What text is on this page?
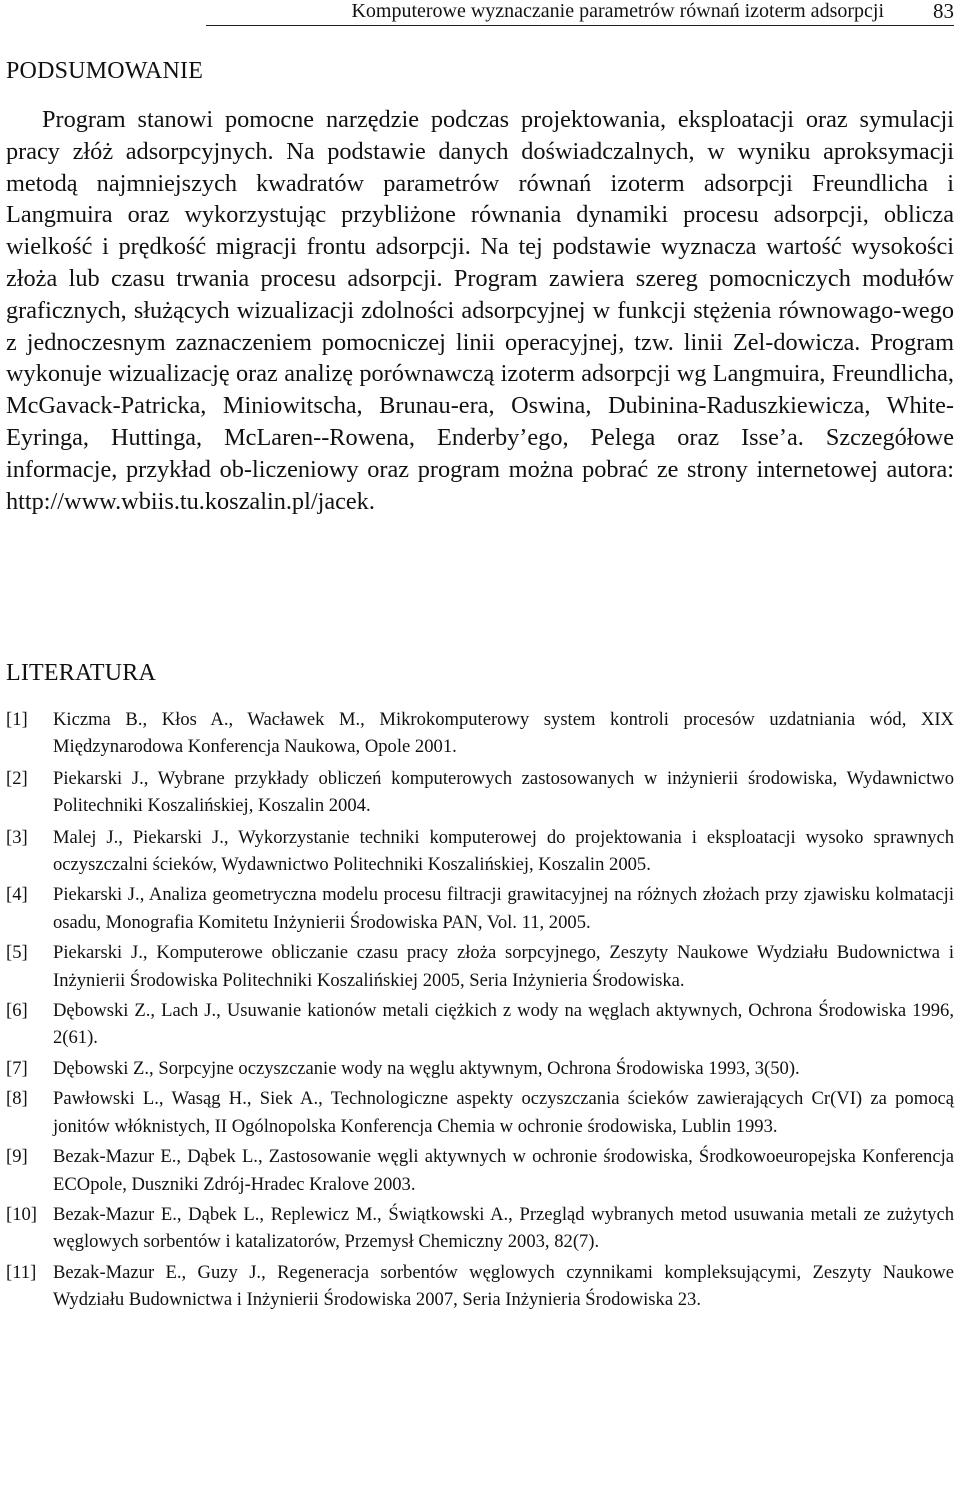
Komputerowe wyznaczanie parametrów równań izoterm adsorpcji 83
PODSUMOWANIE

Program stanowi pomocne narzędzie podczas projektowania, eksploatacji oraz symulacji pracy złóż adsorpcyjnych. Na podstawie danych doświadczalnych, w wyniku aproksymacji metodą najmniejszych kwadratów parametrów równań izoterm adsorpcji Freundlicha i Langmuira oraz wykorzystując przybliżone równania dynamiki procesu adsorpcji, oblicza wielkość i prędkość migracji frontu adsorpcji. Na tej podstawie wyznacza wartość wysokości złoża lub czasu trwania procesu adsorpcji. Program zawiera szereg pomocniczych modułów graficznych, służących wizualizacji zdolności adsorpcyjnej w funkcji stężenia równowago-wego z jednoczesnym zaznaczeniem pomocniczej linii operacyjnej, tzw. linii Zel-dowicza. Program wykonuje wizualizację oraz analizę porównawczą izoterm adsorpcji wg Langmuira, Freundlicha, McGavack-Patricka, Miniowitscha, Brunau-era, Oswina, Dubinina-Raduszkiewicza, White-Eyringa, Huttinga, McLaren-‑Rowena, Enderby’ego, Pelega oraz Isse’a. Szczegółowe informacje, przykład ob-liczeniowy oraz program można pobrać ze strony internetowej autora: http://www.wbiis.tu.koszalin.pl/jacek.

LITERATURA
[1] Kiczma B., Kłos A., Wacławek M., Mikrokomputerowy system kontroli procesów uzdatniania wód, XIX Międzynarodowa Konferencja Naukowa, Opole 2001.
[2] Piekarski J., Wybrane przykłady obliczeń komputerowych zastosowanych w inżynierii środowiska, Wydawnictwo Politechniki Koszalińskiej, Koszalin 2004.
[3] Malej J., Piekarski J., Wykorzystanie techniki komputerowej do projektowania i eksploatacji wysoko sprawnych oczyszczalni ścieków, Wydawnictwo Politechniki Koszalińskiej, Koszalin 2005.
[4] Piekarski J., Analiza geometryczna modelu procesu filtracji grawitacyjnej na różnych złożach przy zjawisku kolmatacji osadu, Monografia Komitetu Inżynierii Środowiska PAN, Vol. 11, 2005.
[5] Piekarski J., Komputerowe obliczanie czasu pracy złoża sorpcyjnego, Zeszyty Naukowe Wydziału Budownictwa i Inżynierii Środowiska Politechniki Koszalińskiej 2005, Seria Inżynieria Środowiska.
[6] Dębowski Z., Lach J., Usuwanie kationów metali ciężkich z wody na węglach aktywnych, Ochrona Środowiska 1996, 2(61).
[7] Dębowski Z., Sorpcyjne oczyszczanie wody na węglu aktywnym, Ochrona Środowiska 1993, 3(50).
[8] Pawłowski L., Wasąg H., Siek A., Technologiczne aspekty oczyszczania ścieków zawierających Cr(VI) za pomocą jonitów włóknistych, II Ogólnopolska Konferencja Chemia w ochronie środowiska, Lublin 1993.
[9] Bezak-Mazur E., Dąbek L., Zastosowanie węgli aktywnych w ochronie środowiska, Środkowoeuropejska Konferencja ECOpole, Duszniki Zdrój-Hradec Kralove 2003.
[10] Bezak-Mazur E., Dąbek L., Replewicz M., Świątkowski A., Przegląd wybranych metod usuwania metali ze zużytych węglowych sorbentów i katalizatorów, Przemysł Chemiczny 2003, 82(7).
[11] Bezak-Mazur E., Guzy J., Regeneracja sorbentów węglowych czynnikami kompleksującymi, Zeszyty Naukowe Wydziału Budownictwa i Inżynierii Środowiska 2007, Seria Inżynieria Środowiska 23.
